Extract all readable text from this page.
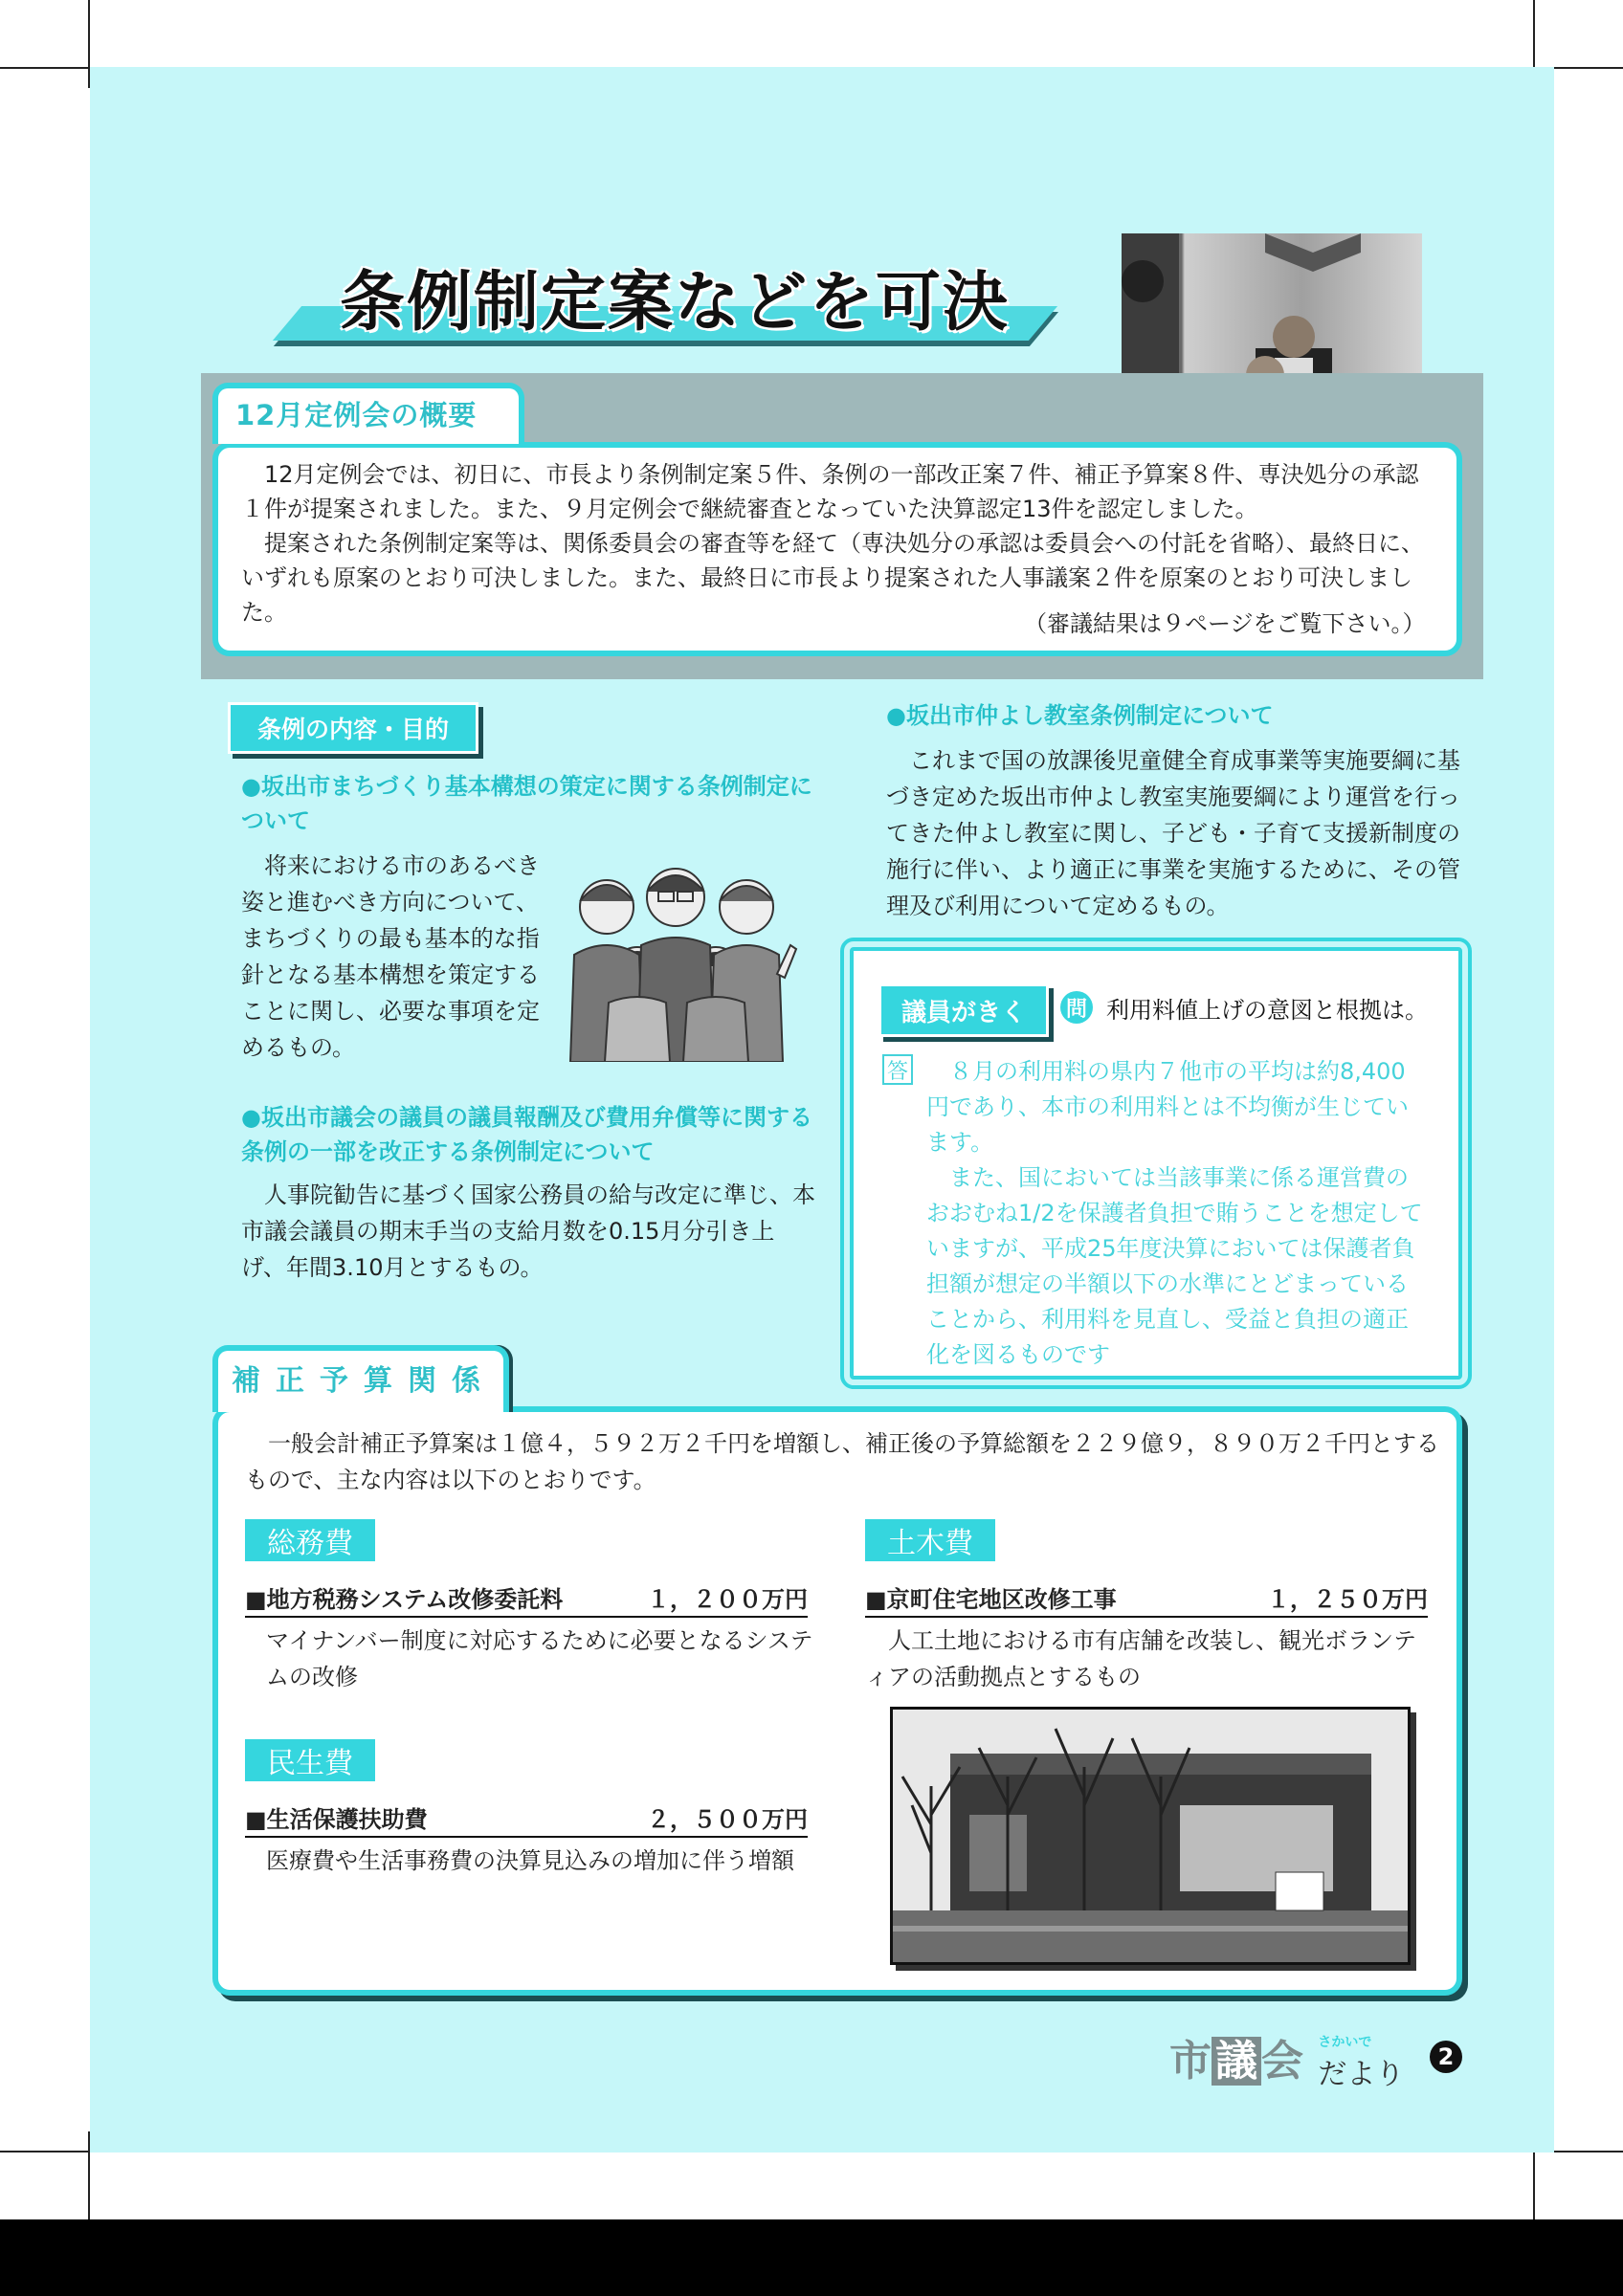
条例制定案などを可決
12月定例会の概要

12月定例会では、初日に、市長より条例制定案５件、条例の一部改正案７件、補正予算案８件、専決処分の承認１件が提案されました。また、９月定例会で継続審査となっていた決算認定13件を認定しました。

提案された条例制定案等は、関係委員会の審査等を経て（専決処分の承認は委員会への付託を省略）、最終日に、いずれも原案のとおり可決しました。また、最終日に市長より提案された人事議案２件を原案のとおり可決しました。	（審議結果は９ページをご覧下さい。）
条例の内容・目的
●坂出市まちづくり基本構想の策定に関する条例制定について

将来における市のあるべき姿と進むべき方向について、まちづくりの最も基本的な指針となる基本構想を策定することに関し、必要な事項を定めるもの。

●坂出市議会の議員の議員報酬及び費用弁償等に関する条例の一部を改正する条例制定について

人事院勧告に基づく国家公務員の給与改定に準じ、本市議会議員の期末手当の支給月数を0.15月分引き上げ、年間3.10月とするもの。

●坂出市仲よし教室条例制定について

これまで国の放課後児童健全育成事業等実施要綱に基づき定めた坂出市仲よし教室実施要綱により運営を行ってきた仲よし教室に関し、子ども・子育て支援新制度の施行に伴い、より適正に事業を実施するために、その管理及び利用について定めるもの。

議員がきく	問 利用料値上げの意図と根拠は。
答	８月の利用料の県内７他市の平均は約8,400円であり、本市の利用料とは不均衡が生じています。

また、国においては当該事業に係る運営費のおおむね1/2を保護者負担で賄うことを想定していますが、平成25年度決算においては保護者負担額が想定の半額以下の水準にとどまっていることから、利用料を見直し、受益と負担の適正化を図るものです

補正予算関係

一般会計補正予算案は１億４，５９２万２千円を増額し、補正後の予算総額を２２９億９，８９０万２千円とするもので、主な内容は以下のとおりです。

総務費
■地方税務システム改修委託料	１，２００万円
マイナンバー制度に対応するために必要となるシステムの改修
民生費
■生活保護扶助費	２，５００万円
医療費や生活事務費の決算見込みの増加に伴う増額
土木費
■京町住宅地区改修工事	１，２５０万円
人工土地における市有店舗を改装し、観光ボランティアの活動拠点とするもの
市議会 さかいで
だより
2
